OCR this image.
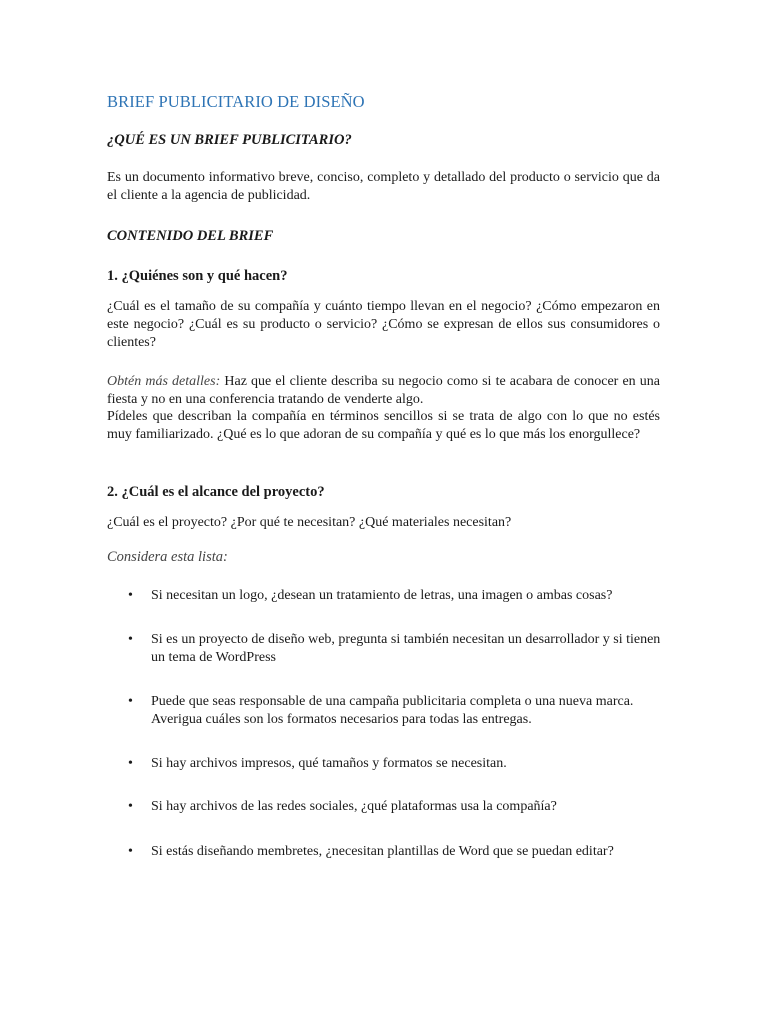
BRIEF PUBLICITARIO DE DISEÑO
¿QUÉ ES UN BRIEF PUBLICITARIO?

Es un documento informativo breve, conciso, completo y detallado del producto o servicio que da el cliente a la agencia de publicidad.

CONTENIDO DEL BRIEF
1. ¿Quiénes son y qué hacen?

¿Cuál es el tamaño de su compañía y cuánto tiempo llevan en el negocio? ¿Cómo empezaron en este negocio? ¿Cuál es su producto o servicio? ¿Cómo se expresan de ellos sus consumidores o clientes?

Obtén más detalles: Haz que el cliente describa su negocio como si te acabara de conocer en una fiesta y no en una conferencia tratando de venderte algo.

Pídeles que describan la compañía en términos sencillos si se trata de algo con lo que no estés muy familiarizado. ¿Qué es lo que adoran de su compañía y qué es lo que más los enorgullece?

2. ¿Cuál es el alcance del proyecto?

¿Cuál es el proyecto? ¿Por qué te necesitan? ¿Qué materiales necesitan?

Considera esta lista:
•	Si necesitan un logo, ¿desean un tratamiento de letras, una imagen o ambas cosas?
•	Si es un proyecto de diseño web, pregunta si también necesitan un desarrollador y si tienen un tema de WordPress
•	Puede que seas responsable de una campaña publicitaria completa o una nueva marca. Averigua cuáles son los formatos necesarios para todas las entregas.
•	Si hay archivos impresos, qué tamaños y formatos se necesitan.
•	Si hay archivos de las redes sociales, ¿qué plataformas usa la compañía?
•	Si estás diseñando membretes, ¿necesitan plantillas de Word que se puedan editar?
